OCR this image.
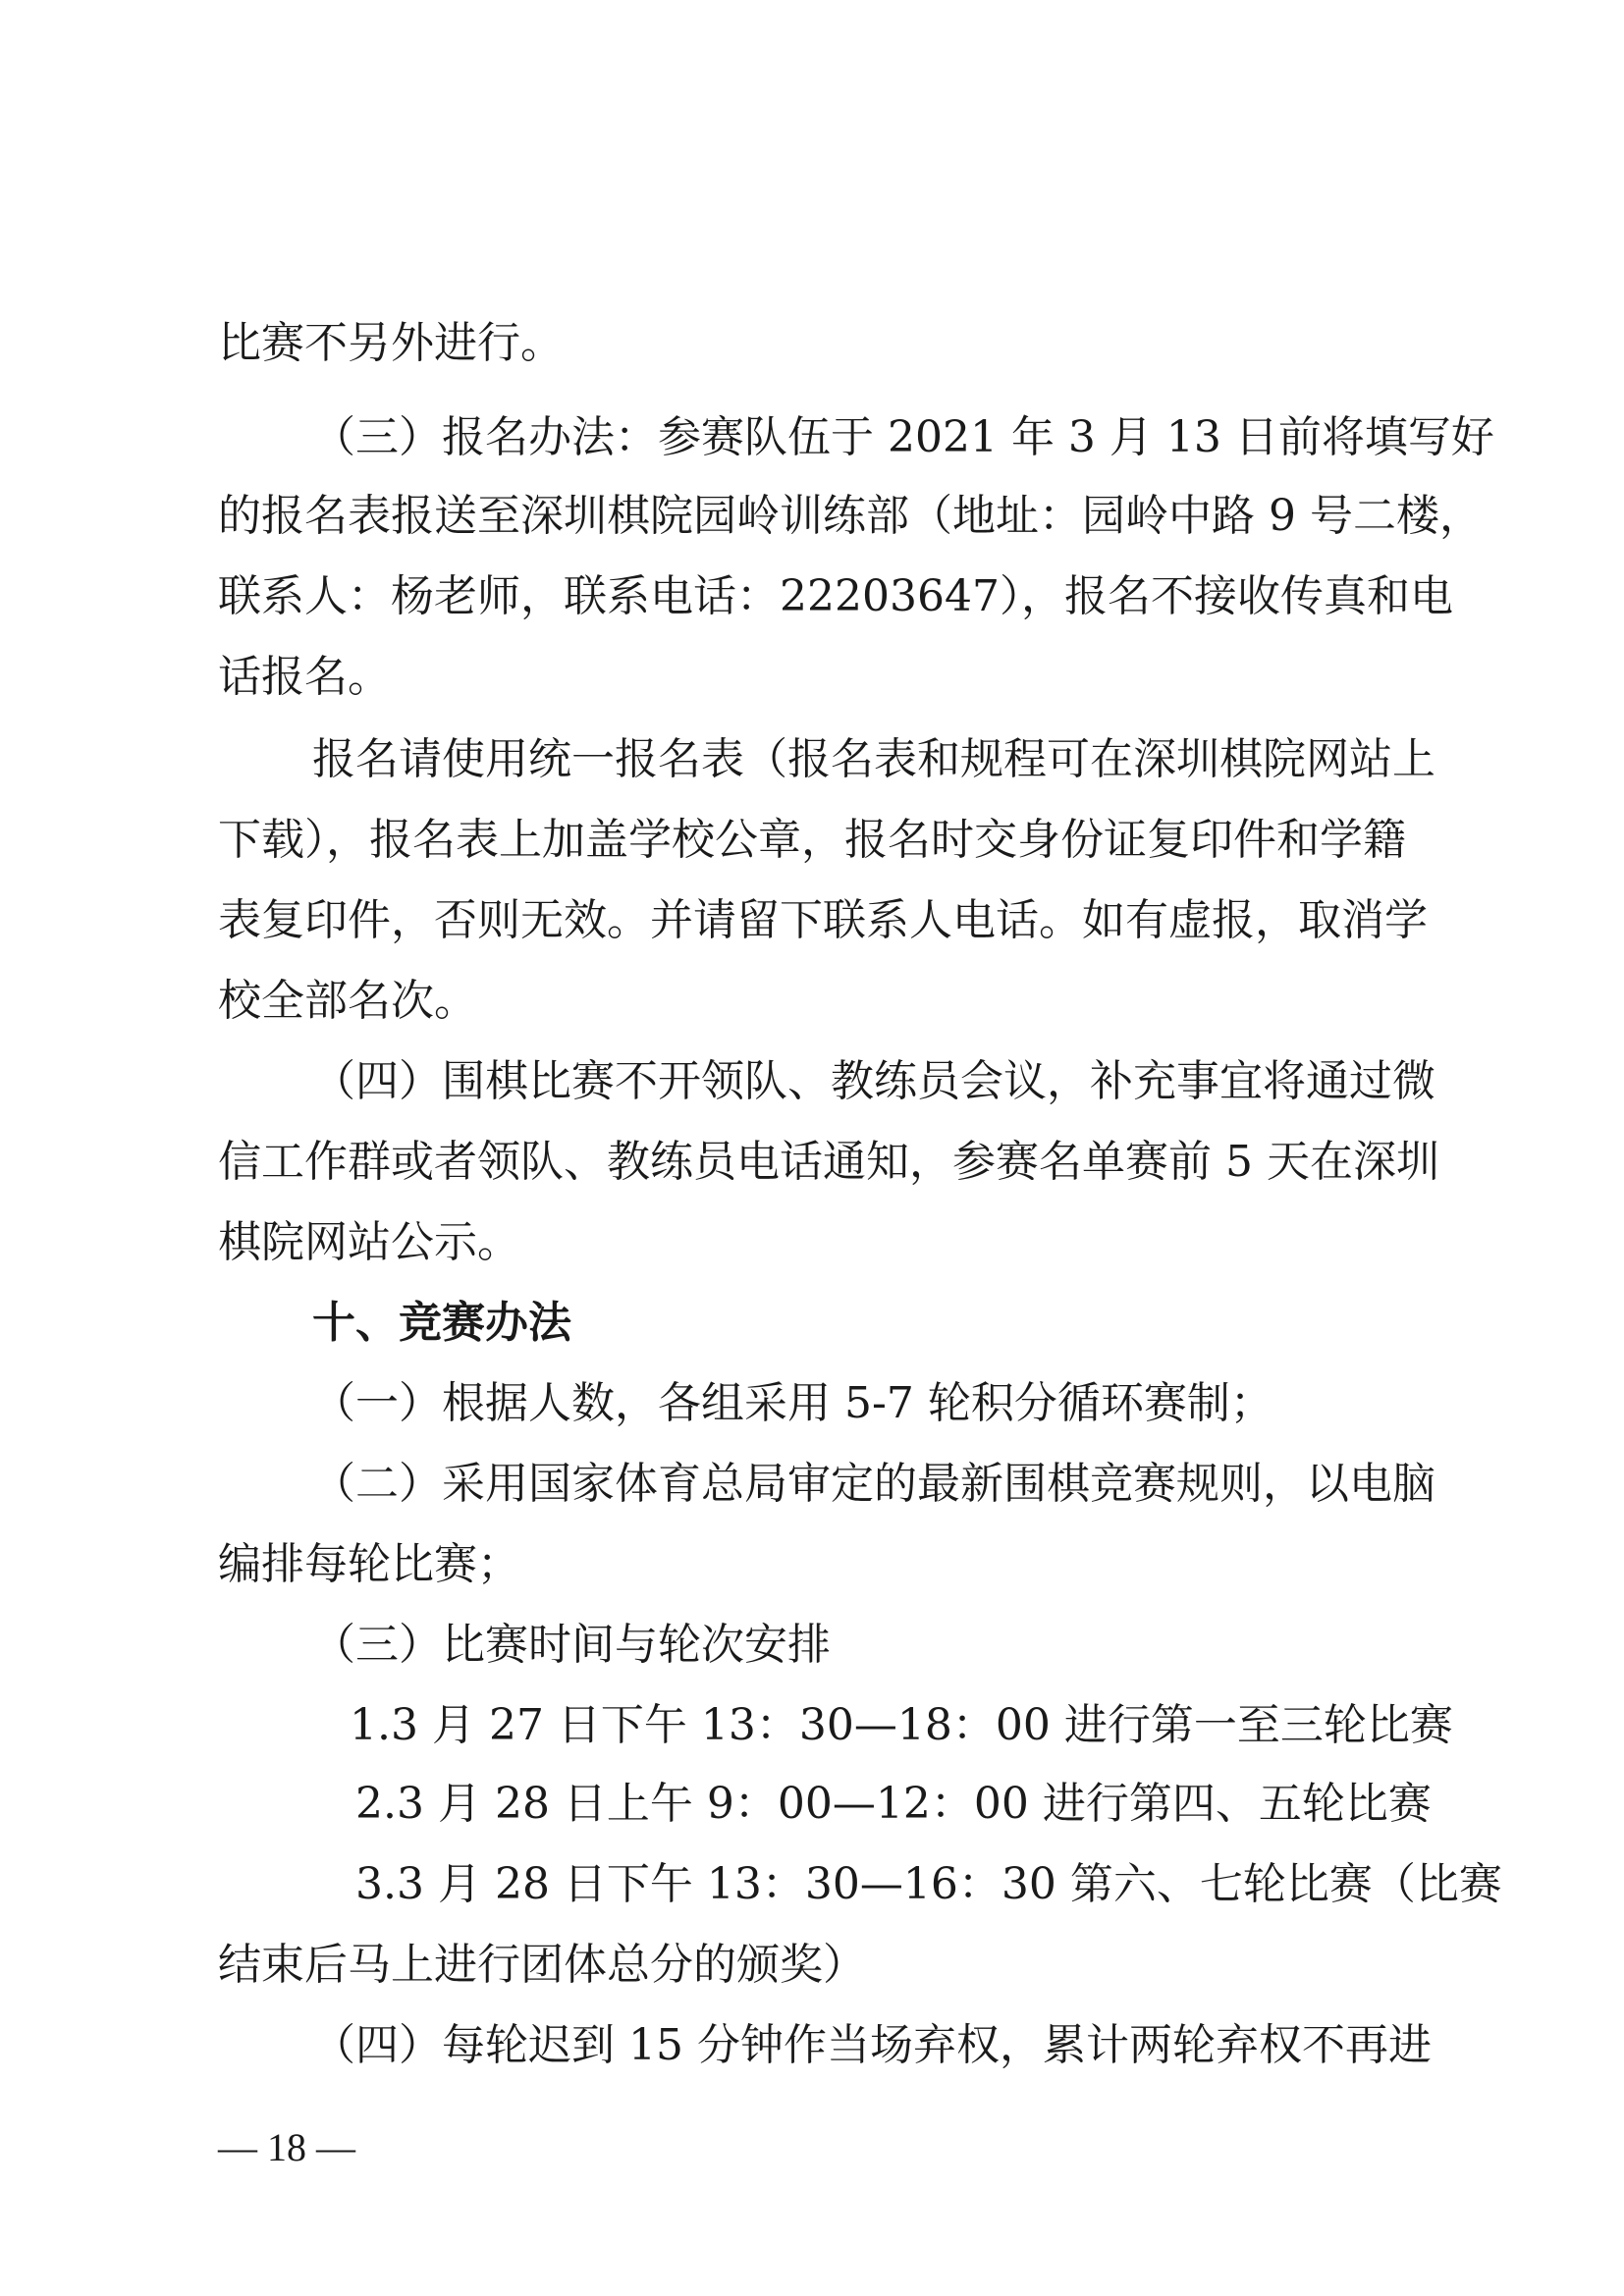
比赛不另外进行。
（三）报名办法：参赛队伍于 2021 年 3 月 13 日前将填写好
的报名表报送至深圳棋院园岭训练部（地址：园岭中路 9 号二楼，
联系人：杨老师，联系电话：22203647），报名不接收传真和电
话报名。
报名请使用统一报名表（报名表和规程可在深圳棋院网站上
下载），报名表上加盖学校公章，报名时交身份证复印件和学籍
表复印件，否则无效。并请留下联系人电话。如有虚报，取消学
校全部名次。
（四）围棋比赛不开领队、教练员会议，补充事宜将通过微
信工作群或者领队、教练员电话通知，参赛名单赛前 5 天在深圳
棋院网站公示。
十、竞赛办法
（一）根据人数，各组采用 5-7 轮积分循环赛制；
（二）采用国家体育总局审定的最新围棋竞赛规则，以电脑
编排每轮比赛；
（三）比赛时间与轮次安排
1.3 月 27 日下午 13：30—18：00 进行第一至三轮比赛
2.3 月 28 日上午 9：00—12：00 进行第四、五轮比赛
3.3 月 28 日下午 13：30—16：30 第六、七轮比赛（比赛
结束后马上进行团体总分的颁奖）
（四）每轮迟到 15 分钟作当场弃权，累计两轮弃权不再进
— 18 —
